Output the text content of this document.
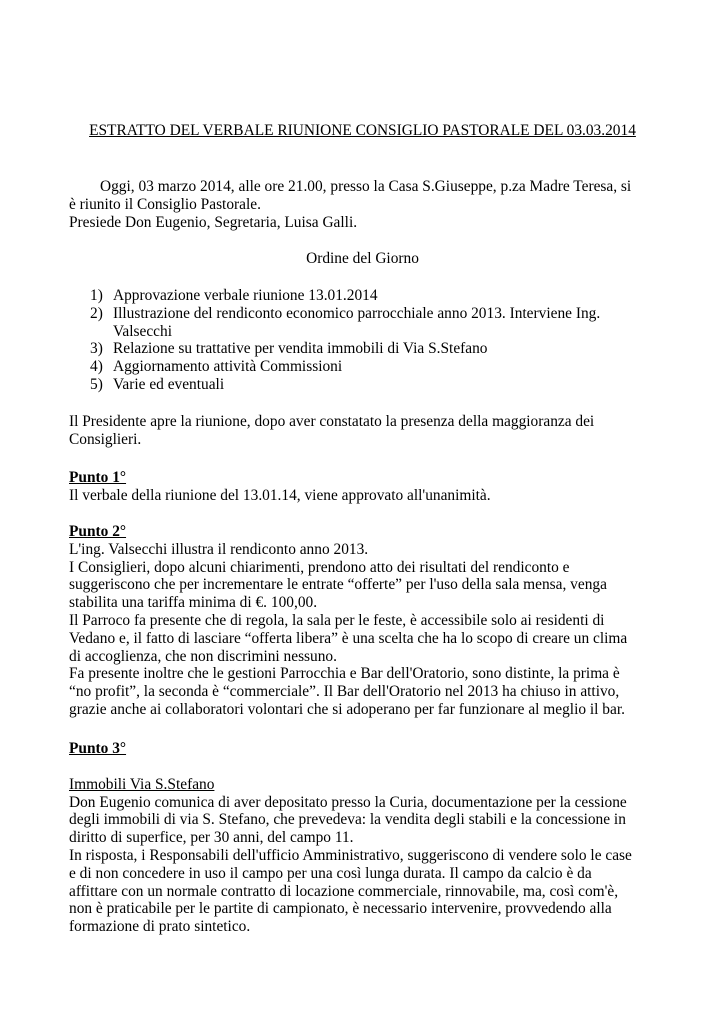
ESTRATTO DEL VERBALE RIUNIONE CONSIGLIO PASTORALE DEL 03.03.2014
Oggi, 03 marzo 2014, alle ore 21.00, presso la Casa S.Giuseppe, p.za Madre Teresa, si
è riunito il Consiglio Pastorale.
Presiede Don Eugenio, Segretaria, Luisa Galli.
Ordine del Giorno
1) Approvazione verbale riunione 13.01.2014
2) Illustrazione del rendiconto economico parrocchiale anno 2013. Interviene Ing.
Valsecchi
3) Relazione su trattative per vendita immobili di Via S.Stefano
4) Aggiornamento attività Commissioni
5) Varie ed eventuali
Il Presidente apre la riunione, dopo aver constatato la presenza della maggioranza dei
Consiglieri.
Punto 1°
Il verbale della riunione del 13.01.14, viene approvato all'unanimità.
Punto 2°
L'ing. Valsecchi illustra il rendiconto anno 2013.
I Consiglieri, dopo alcuni chiarimenti, prendono atto dei risultati del rendiconto e
suggeriscono che per incrementare le entrate “offerte” per l'uso della sala mensa, venga
stabilita una tariffa minima di €. 100,00.
Il Parroco fa presente che di regola, la sala per le feste, è accessibile solo ai residenti di
Vedano e, il fatto di lasciare “offerta libera” è una scelta che ha lo scopo di creare un clima
di accoglienza, che non discrimini nessuno.
Fa presente inoltre che le gestioni Parrocchia e Bar dell'Oratorio, sono distinte, la prima è
“no profit”, la seconda è “commerciale”. Il Bar dell'Oratorio nel 2013 ha chiuso in attivo,
grazie anche ai collaboratori volontari che si adoperano per far funzionare al meglio il bar.
Punto 3°
Immobili Via S.Stefano
Don Eugenio comunica di aver depositato presso la Curia, documentazione per la cessione
degli immobili di via S. Stefano, che prevedeva: la vendita degli stabili e la concessione in
diritto di superfice, per 30 anni, del campo 11.
In risposta, i Responsabili dell'ufficio Amministrativo, suggeriscono di vendere solo le case
e di non concedere in uso il campo per una così lunga durata. Il campo da calcio è da
affittare con un normale contratto di locazione commerciale, rinnovabile, ma, così com'è,
non è praticabile per le partite di campionato, è necessario intervenire, provvedendo alla
formazione di prato sintetico.
